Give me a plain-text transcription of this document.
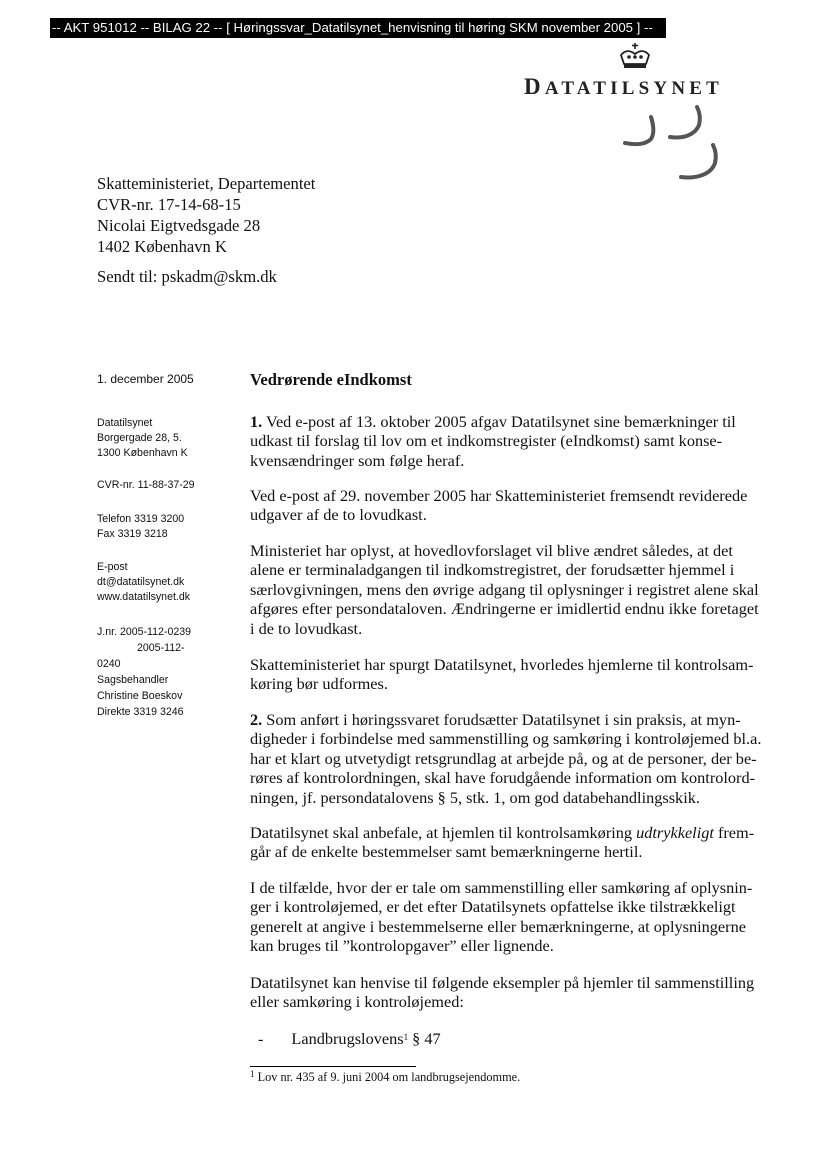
-- AKT 951012 -- BILAG 22 -- [ Høringssvar_Datatilsynet_henvisning til høring SKM november 2005 ] --
DATATILSYNET
Skatteministeriet, Departementet
CVR-nr. 17-14-68-15
Nicolai Eigtvedsgade 28
1402 København K
Sendt til: pskadm@skm.dk
1. december 2005
Datatilsynet
Borgergade 28, 5.
1300 København K
CVR-nr. 11-88-37-29
Telefon 3319 3200
Fax 3319 3218
E-post
dt@datatilsynet.dk
www.datatilsynet.dk
J.nr. 2005-112-0239
2005-112-
0240
Sagsbehandler
Christine Boeskov
Direkte 3319 3246
Vedrørende eIndkomst
1. Ved e-post af 13. oktober 2005 afgav Datatilsynet sine bemærkninger til
udkast til forslag til lov om et indkomstregister (eIndkomst) samt konse-
kvensændringer som følge heraf.
Ved e-post af 29. november 2005 har Skatteministeriet fremsendt reviderede
udgaver af de to lovudkast.
Ministeriet har oplyst, at hovedlovforslaget vil blive ændret således, at det
alene er terminaladgangen til indkomstregistret, der forudsætter hjemmel i
særlovgivningen, mens den øvrige adgang til oplysninger i registret alene skal
afgøres efter persondataloven. Ændringerne er imidlertid endnu ikke foretaget
i de to lovudkast.
Skatteministeriet har spurgt Datatilsynet, hvorledes hjemlerne til kontrolsam-
køring bør udformes.
2. Som anført i høringssvaret forudsætter Datatilsynet i sin praksis, at myn-
digheder i forbindelse med sammenstilling og samkøring i kontroløjemed bl.a.
har et klart og utvetydigt retsgrundlag at arbejde på, og at de personer, der be-
røres af kontrolordningen, skal have forudgående information om kontrolord-
ningen, jf. persondatalovens § 5, stk. 1, om god databehandlingsskik.
Datatilsynet skal anbefale, at hjemlen til kontrolsamkøring udtrykkeligt frem-
går af de enkelte bestemmelser samt bemærkningerne hertil.
I de tilfælde, hvor der er tale om sammenstilling eller samkøring af oplysnin-
ger i kontroløjemed, er det efter Datatilsynets opfattelse ikke tilstrækkeligt
generelt at angive i bestemmelserne eller bemærkningerne, at oplysningerne
kan bruges til ”kontrolopgaver” eller lignende.
Datatilsynet kan henvise til følgende eksempler på hjemler til sammenstilling
eller samkøring i kontroløjemed:
- Landbrugslovens$^1$ § 47
$^1$ Lov nr. 435 af 9. juni 2004 om landbrugsejendomme.
